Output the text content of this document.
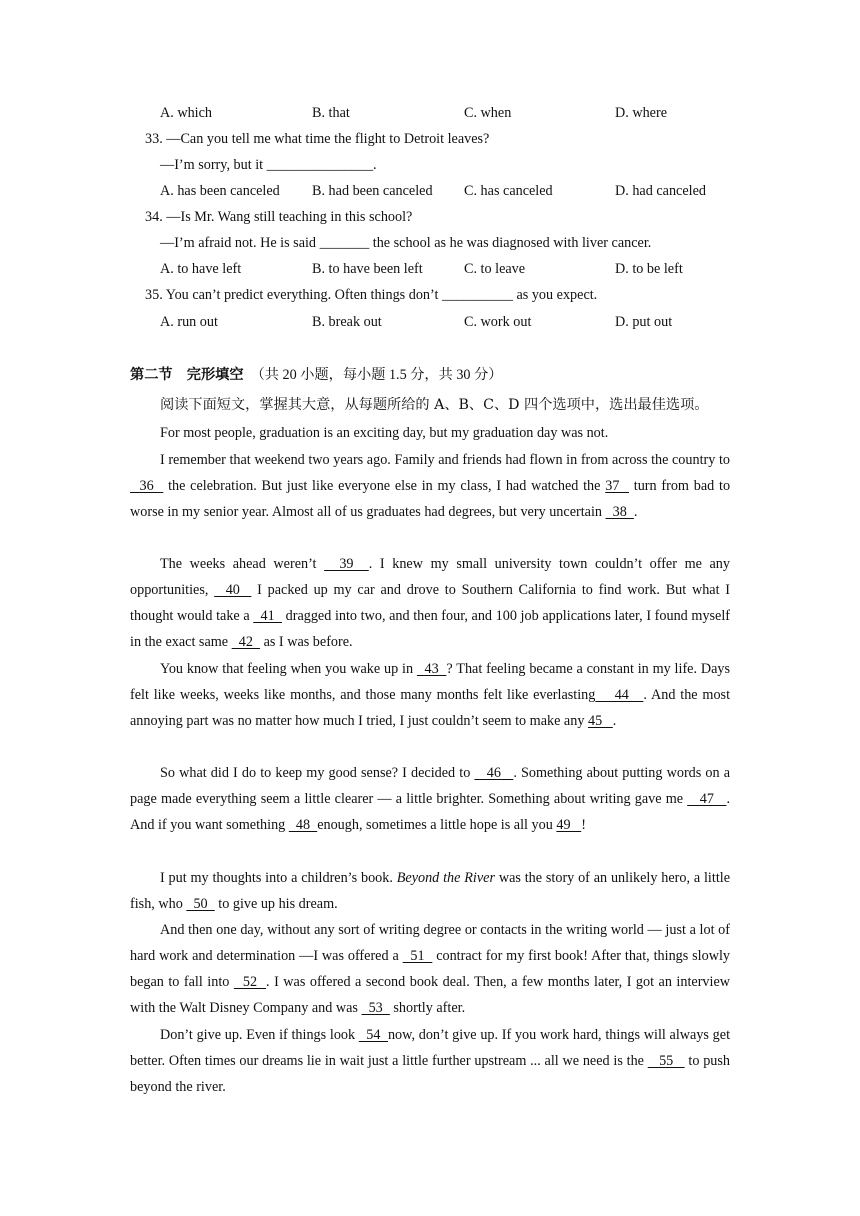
A. which	B. that	C. when	D. where
33. —Can you tell me what time the flight to Detroit leaves?
—I’m sorry, but it _______________.
A. has been canceled B. had been canceled C. has canceled	D. had canceled
34. —Is Mr. Wang still teaching in this school?
—I’m afraid not. He is said _______ the school as he was diagnosed with liver cancer.
A. to have left	B. to have been left	C. to leave	D. to be left
35. You can’t predict everything. Often things don’t __________ as you expect.
A. run out	B. break out	C. work out	D. put out
第二节　完形填空 （共 20 小题，每小题 1.5 分，共 30 分）
阅读下面短文，掌握其大意，从每题所给的 A、B、C、D 四个选项中，选出最佳选项。
For most people, graduation is an exciting day, but my graduation day was not.
I remember that weekend two years ago. Family and friends had flown in from across the country to   36   the celebration. But just like everyone else in my class, I had watched the 37   turn from bad to worse in my senior year. Almost all of us graduates had degrees, but very uncertain   38  .
The weeks ahead weren’t   39  . I knew my small university town couldn’t offer me any opportunities,   40   I packed up my car and drove to Southern California to find work. But what I thought would take a   41   dragged into two, and then four, and 100 job applications later, I found myself in the exact same   42   as I was before.
You know that feeling when you wake up in   43  ? That feeling became a constant in my life. Days felt like weeks, weeks like months, and those many months felt like everlasting    44   . And the most annoying part was no matter how much I tried, I just couldn’t seem to make any 45   .
So what did I do to keep my good sense? I decided to    46   . Something about putting words on a page made everything seem a little clearer — a little brighter. Something about writing gave me    47   . And if you want something   48  enough, sometimes a little hope is all you 49   !
I put my thoughts into a children’s book. Beyond the River was the story of an unlikely hero, a little fish, who   50   to give up his dream.
And then one day, without any sort of writing degree or contacts in the writing world — just a lot of hard work and determination —I was offered a   51   contract for my first book! After that, things slowly began to fall into   52  . I was offered a second book deal. Then, a few months later, I got an interview with the Walt Disney Company and was   53   shortly after.
Don’t give up. Even if things look   54  now, don’t give up. If you work hard, things will always get better. Often times our dreams lie in wait just a little further upstream ... all we need is the    55    to push beyond the river.
